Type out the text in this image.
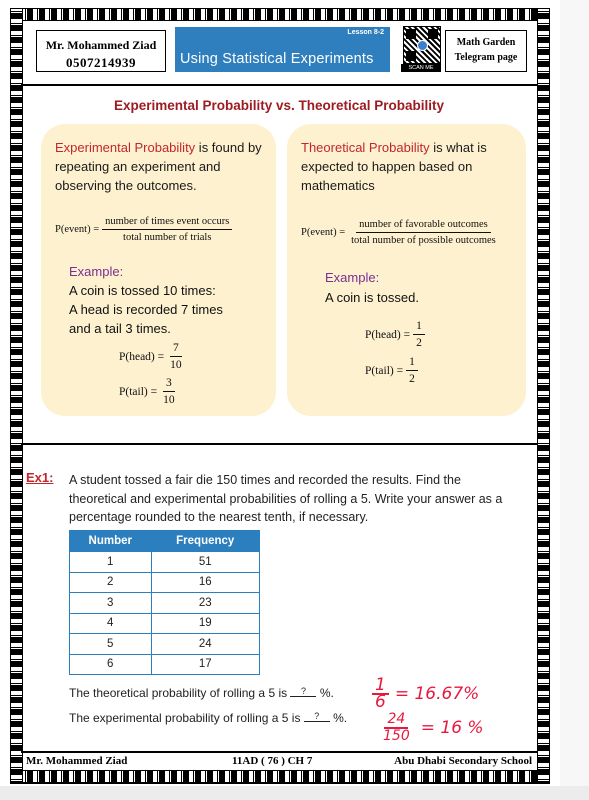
Mr. Mohammed Ziad
0507214939
Lesson 8-2
Using Statistical Experiments
SCAN ME
Math Garden
Telegram page
Experimental Probability vs. Theoretical Probability
Experimental Probability is found by repeating an experiment and observing the outcomes.
P(event) = $\frac{\text{number of times event occurs}}{\text{total number of trials}}$
Example:
A coin is tossed 10 times:
A head is recorded 7 times
and a tail 3 times.
P(head) = $\frac{7}{10}$
P(tail) = $\frac{3}{10}$
Theoretical Probability is what is expected to happen based on mathematics
P(event) = $\frac{\text{number of favorable outcomes}}{\text{total number of possible outcomes}}$
Example:
A coin is tossed.
P(head) = $\frac{1}{2}$
P(tail) = $\frac{1}{2}$
Ex1: A student tossed a fair die 150 times and recorded the results. Find the theoretical and experimental probabilities of rolling a 5. Write your answer as a percentage rounded to the nearest tenth, if necessary.
Number	Frequency
1	51
2	16
3	23
4	19
5	24
6	17
The theoretical probability of rolling a 5 is ? %.
The experimental probability of rolling a 5 is ? %.
$\frac{1}{6} = 16.67\%$
$\frac{24}{150} = 16$ %
Mr. Mohammed Ziad	11AD ( 76 ) CH 7	Abu Dhabi Secondary School
